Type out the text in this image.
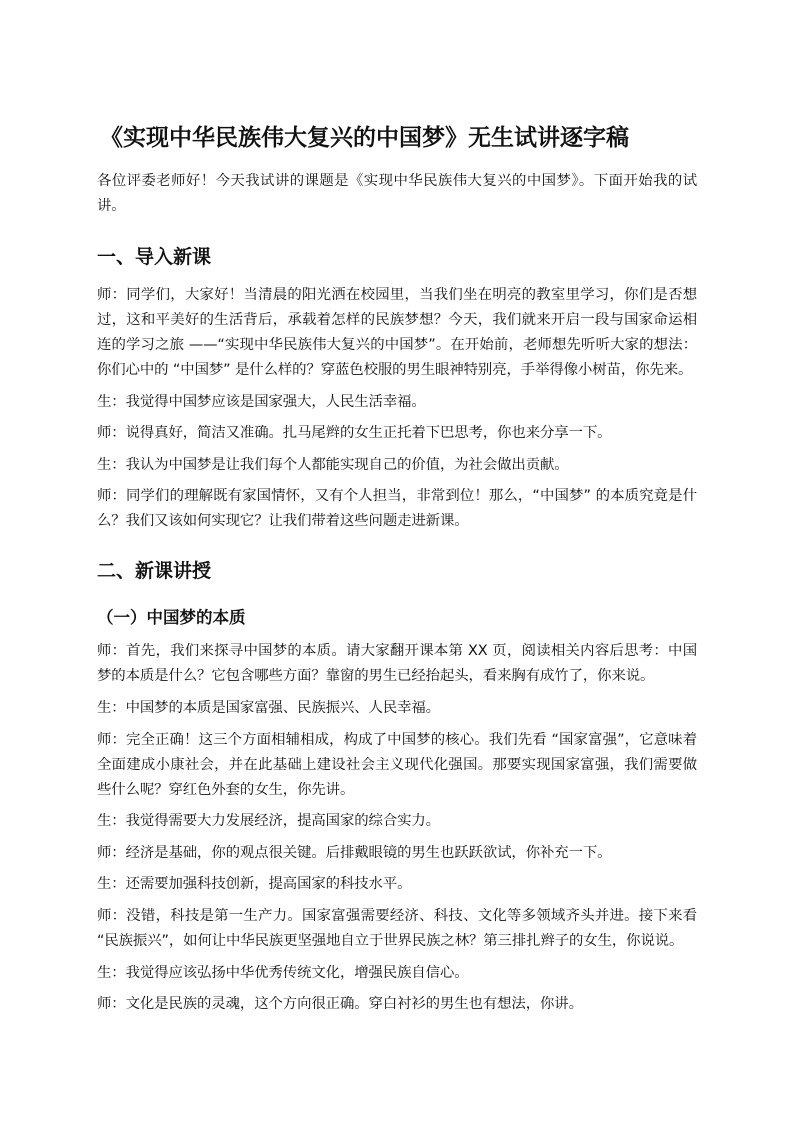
《实现中华民族伟大复兴的中国梦》无生试讲逐字稿

各位评委老师好！今天我试讲的课题是《实现中华民族伟大复兴的中国梦》。下面开始我的试讲。

一、导入新课

师：同学们，大家好！当清晨的阳光洒在校园里，当我们坐在明亮的教室里学习，你们是否想过，这和平美好的生活背后，承载着怎样的民族梦想？今天，我们就来开启一段与国家命运相连的学习之旅 ——“实现中华民族伟大复兴的中国梦”。在开始前，老师想先听听大家的想法：你们心中的 “中国梦” 是什么样的？穿蓝色校服的男生眼神特别亮，手举得像小树苗，你先来。

生：我觉得中国梦应该是国家强大，人民生活幸福。

师：说得真好，简洁又准确。扎马尾辫的女生正托着下巴思考，你也来分享一下。

生：我认为中国梦是让我们每个人都能实现自己的价值，为社会做出贡献。

师：同学们的理解既有家国情怀，又有个人担当，非常到位！那么，“中国梦” 的本质究竟是什么？我们又该如何实现它？让我们带着这些问题走进新课。

二、新课讲授
（一）中国梦的本质

师：首先，我们来探寻中国梦的本质。请大家翻开课本第 XX 页，阅读相关内容后思考：中国梦的本质是什么？它包含哪些方面？靠窗的男生已经抬起头，看来胸有成竹了，你来说。

生：中国梦的本质是国家富强、民族振兴、人民幸福。

师：完全正确！这三个方面相辅相成，构成了中国梦的核心。我们先看 “国家富强”，它意味着全面建成小康社会，并在此基础上建设社会主义现代化强国。那要实现国家富强，我们需要做些什么呢？穿红色外套的女生，你先讲。

生：我觉得需要大力发展经济，提高国家的综合实力。

师：经济是基础，你的观点很关键。后排戴眼镜的男生也跃跃欲试，你补充一下。

生：还需要加强科技创新，提高国家的科技水平。

师：没错，科技是第一生产力。国家富强需要经济、科技、文化等多领域齐头并进。接下来看 “民族振兴”，如何让中华民族更坚强地自立于世界民族之林？第三排扎辫子的女生，你说说。

生：我觉得应该弘扬中华优秀传统文化，增强民族自信心。

师：文化是民族的灵魂，这个方向很正确。穿白衬衫的男生也有想法，你讲。
